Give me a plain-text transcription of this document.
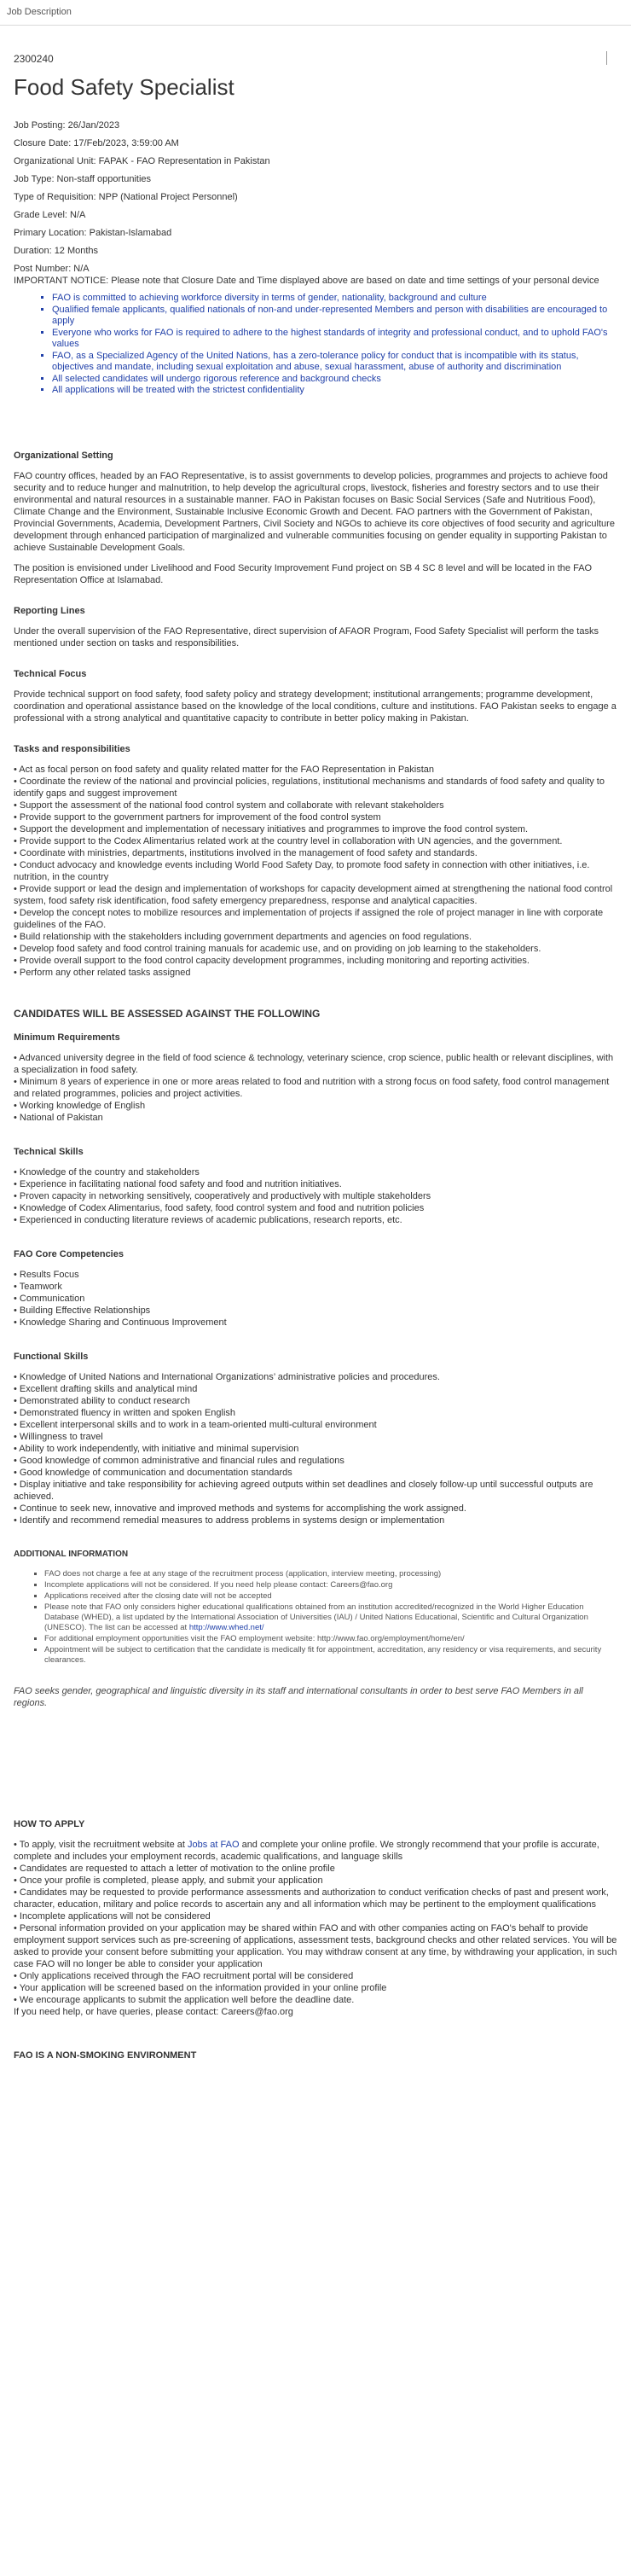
Job Description
2300240
Food Safety Specialist

Job Posting: 26/Jan/2023

Closure Date: 17/Feb/2023, 3:59:00 AM

Organizational Unit: FAPAK - FAO Representation in Pakistan

Job Type: Non-staff opportunities

Type of Requisition: NPP (National Project Personnel)

Grade Level: N/A

Primary Location: Pakistan-Islamabad

Duration: 12 Months

Post Number: N/A

IMPORTANT NOTICE: Please note that Closure Date and Time displayed above are based on date and time settings of your personal device

▪ FAO is committed to achieving workforce diversity in terms of gender, nationality, background and culture
▪ Qualified female applicants, qualified nationals of non-and under-represented Members and person with disabilities are encouraged to apply
▪ Everyone who works for FAO is required to adhere to the highest standards of integrity and professional conduct, and to uphold FAO's values
▪ FAO, as a Specialized Agency of the United Nations, has a zero-tolerance policy for conduct that is incompatible with its status, objectives and mandate, including sexual exploitation and abuse, sexual harassment, abuse of authority and discrimination
▪ All selected candidates will undergo rigorous reference and background checks
▪ All applications will be treated with the strictest confidentiality
Organizational Setting

FAO country offices, headed by an FAO Representative, is to assist governments to develop policies, programmes and projects to achieve food security and to reduce hunger and malnutrition, to help develop the agricultural crops, livestock, fisheries and forestry sectors and to use their environmental and natural resources in a sustainable manner. FAO in Pakistan focuses on Basic Social Services (Safe and Nutritious Food), Climate Change and the Environment, Sustainable Inclusive Economic Growth and Decent. FAO partners with the Government of Pakistan, Provincial Governments, Academia, Development Partners, Civil Society and NGOs to achieve its core objectives of food security and agriculture development through enhanced participation of marginalized and vulnerable communities focusing on gender equality in supporting Pakistan to achieve Sustainable Development Goals.

The position is envisioned under Livelihood and Food Security Improvement Fund project on SB 4 SC 8 level and will be located in the FAO Representation Office at Islamabad.

Reporting Lines

Under the overall supervision of the FAO Representative, direct supervision of AFAOR Program, Food Safety Specialist will perform the tasks mentioned under section on tasks and responsibilities.

Technical Focus

Provide technical support on food safety, food safety policy and strategy development; institutional arrangements; programme development, coordination and operational assistance based on the knowledge of the local conditions, culture and institutions. FAO Pakistan seeks to engage a professional with a strong analytical and quantitative capacity to contribute in better policy making in Pakistan.

Tasks and responsibilities
• Act as focal person on food safety and quality related matter for the FAO Representation in Pakistan
• Coordinate the review of the national and provincial policies, regulations, institutional mechanisms and standards of food safety and quality to identify gaps and suggest improvement
• Support the assessment of the national food control system and collaborate with relevant stakeholders
• Provide support to the government partners for improvement of the food control system
• Support the development and implementation of necessary initiatives and programmes to improve the food control system.
• Provide support to the Codex Alimentarius related work at the country level in collaboration with UN agencies, and the government.
• Coordinate with ministries, departments, institutions involved in the management of food safety and standards.
• Conduct advocacy and knowledge events including World Food Safety Day, to promote food safety in connection with other initiatives, i.e. nutrition, in the country
• Provide support or lead the design and implementation of workshops for capacity development aimed at strengthening the national food control system, food safety risk identification, food safety emergency preparedness, response and analytical capacities.
• Develop the concept notes to mobilize resources and implementation of projects if assigned the role of project manager in line with corporate guidelines of the FAO.
• Build relationship with the stakeholders including government departments and agencies on food regulations.
• Develop food safety and food control training manuals for academic use, and on providing on job learning to the stakeholders.
• Provide overall support to the food control capacity development programmes, including monitoring and reporting activities.
• Perform any other related tasks assigned
CANDIDATES WILL BE ASSESSED AGAINST THE FOLLOWING
Minimum Requirements
• Advanced university degree in the field of food science & technology, veterinary science, crop science, public health or relevant disciplines, with a specialization in food safety.
• Minimum 8 years of experience in one or more areas related to food and nutrition with a strong focus on food safety, food control management and related programmes, policies and project activities.
• Working knowledge of English
• National of Pakistan
Technical Skills
• Knowledge of the country and stakeholders
• Experience in facilitating national food safety and food and nutrition initiatives.
• Proven capacity in networking sensitively, cooperatively and productively with multiple stakeholders
• Knowledge of Codex Alimentarius, food safety, food control system and food and nutrition policies
• Experienced in conducting literature reviews of academic publications, research reports, etc.
FAO Core Competencies
• Results Focus
• Teamwork
• Communication
• Building Effective Relationships
• Knowledge Sharing and Continuous Improvement
Functional Skills
• Knowledge of United Nations and International Organizations’ administrative policies and procedures.
• Excellent drafting skills and analytical mind
• Demonstrated ability to conduct research
• Demonstrated fluency in written and spoken English
• Excellent interpersonal skills and to work in a team-oriented multi-cultural environment
• Willingness to travel
• Ability to work independently, with initiative and minimal supervision
• Good knowledge of common administrative and financial rules and regulations
• Good knowledge of communication and documentation standards
• Display initiative and take responsibility for achieving agreed outputs within set deadlines and closely follow-up until successful outputs are achieved.
• Continue to seek new, innovative and improved methods and systems for accomplishing the work assigned.
• Identify and recommend remedial measures to address problems in systems design or implementation
ADDITIONAL INFORMATION
▪ FAO does not charge a fee at any stage of the recruitment process (application, interview meeting, processing)
▪ Incomplete applications will not be considered. If you need help please contact: Careers@fao.org
▪ Applications received after the closing date will not be accepted
▪ Please note that FAO only considers higher educational qualifications obtained from an institution accredited/recognized in the World Higher Education Database (WHED), a list updated by the International Association of Universities (IAU) / United Nations Educational, Scientific and Cultural Organization (UNESCO). The list can be accessed at http://www.whed.net/
▪ For additional employment opportunities visit the FAO employment website: http://www.fao.org/employment/home/en/
▪ Appointment will be subject to certification that the candidate is medically fit for appointment, accreditation, any residency or visa requirements, and security clearances.

FAO seeks gender, geographical and linguistic diversity in its staff and international consultants in order to best serve FAO Members in all regions.

HOW TO APPLY
• To apply, visit the recruitment website at Jobs at FAO and complete your online profile. We strongly recommend that your profile is accurate, complete and includes your employment records, academic qualifications, and language skills
• Candidates are requested to attach a letter of motivation to the online profile
• Once your profile is completed, please apply, and submit your application
• Candidates may be requested to provide performance assessments and authorization to conduct verification checks of past and present work, character, education, military and police records to ascertain any and all information which may be pertinent to the employment qualifications
• Incomplete applications will not be considered
• Personal information provided on your application may be shared within FAO and with other companies acting on FAO's behalf to provide employment support services such as pre-screening of applications, assessment tests, background checks and other related services. You will be asked to provide your consent before submitting your application. You may withdraw consent at any time, by withdrawing your application, in such case FAO will no longer be able to consider your application
• Only applications received through the FAO recruitment portal will be considered
• Your application will be screened based on the information provided in your online profile
• We encourage applicants to submit the application well before the deadline date.
If you need help, or have queries, please contact: Careers@fao.org

FAO IS A NON-SMOKING ENVIRONMENT
